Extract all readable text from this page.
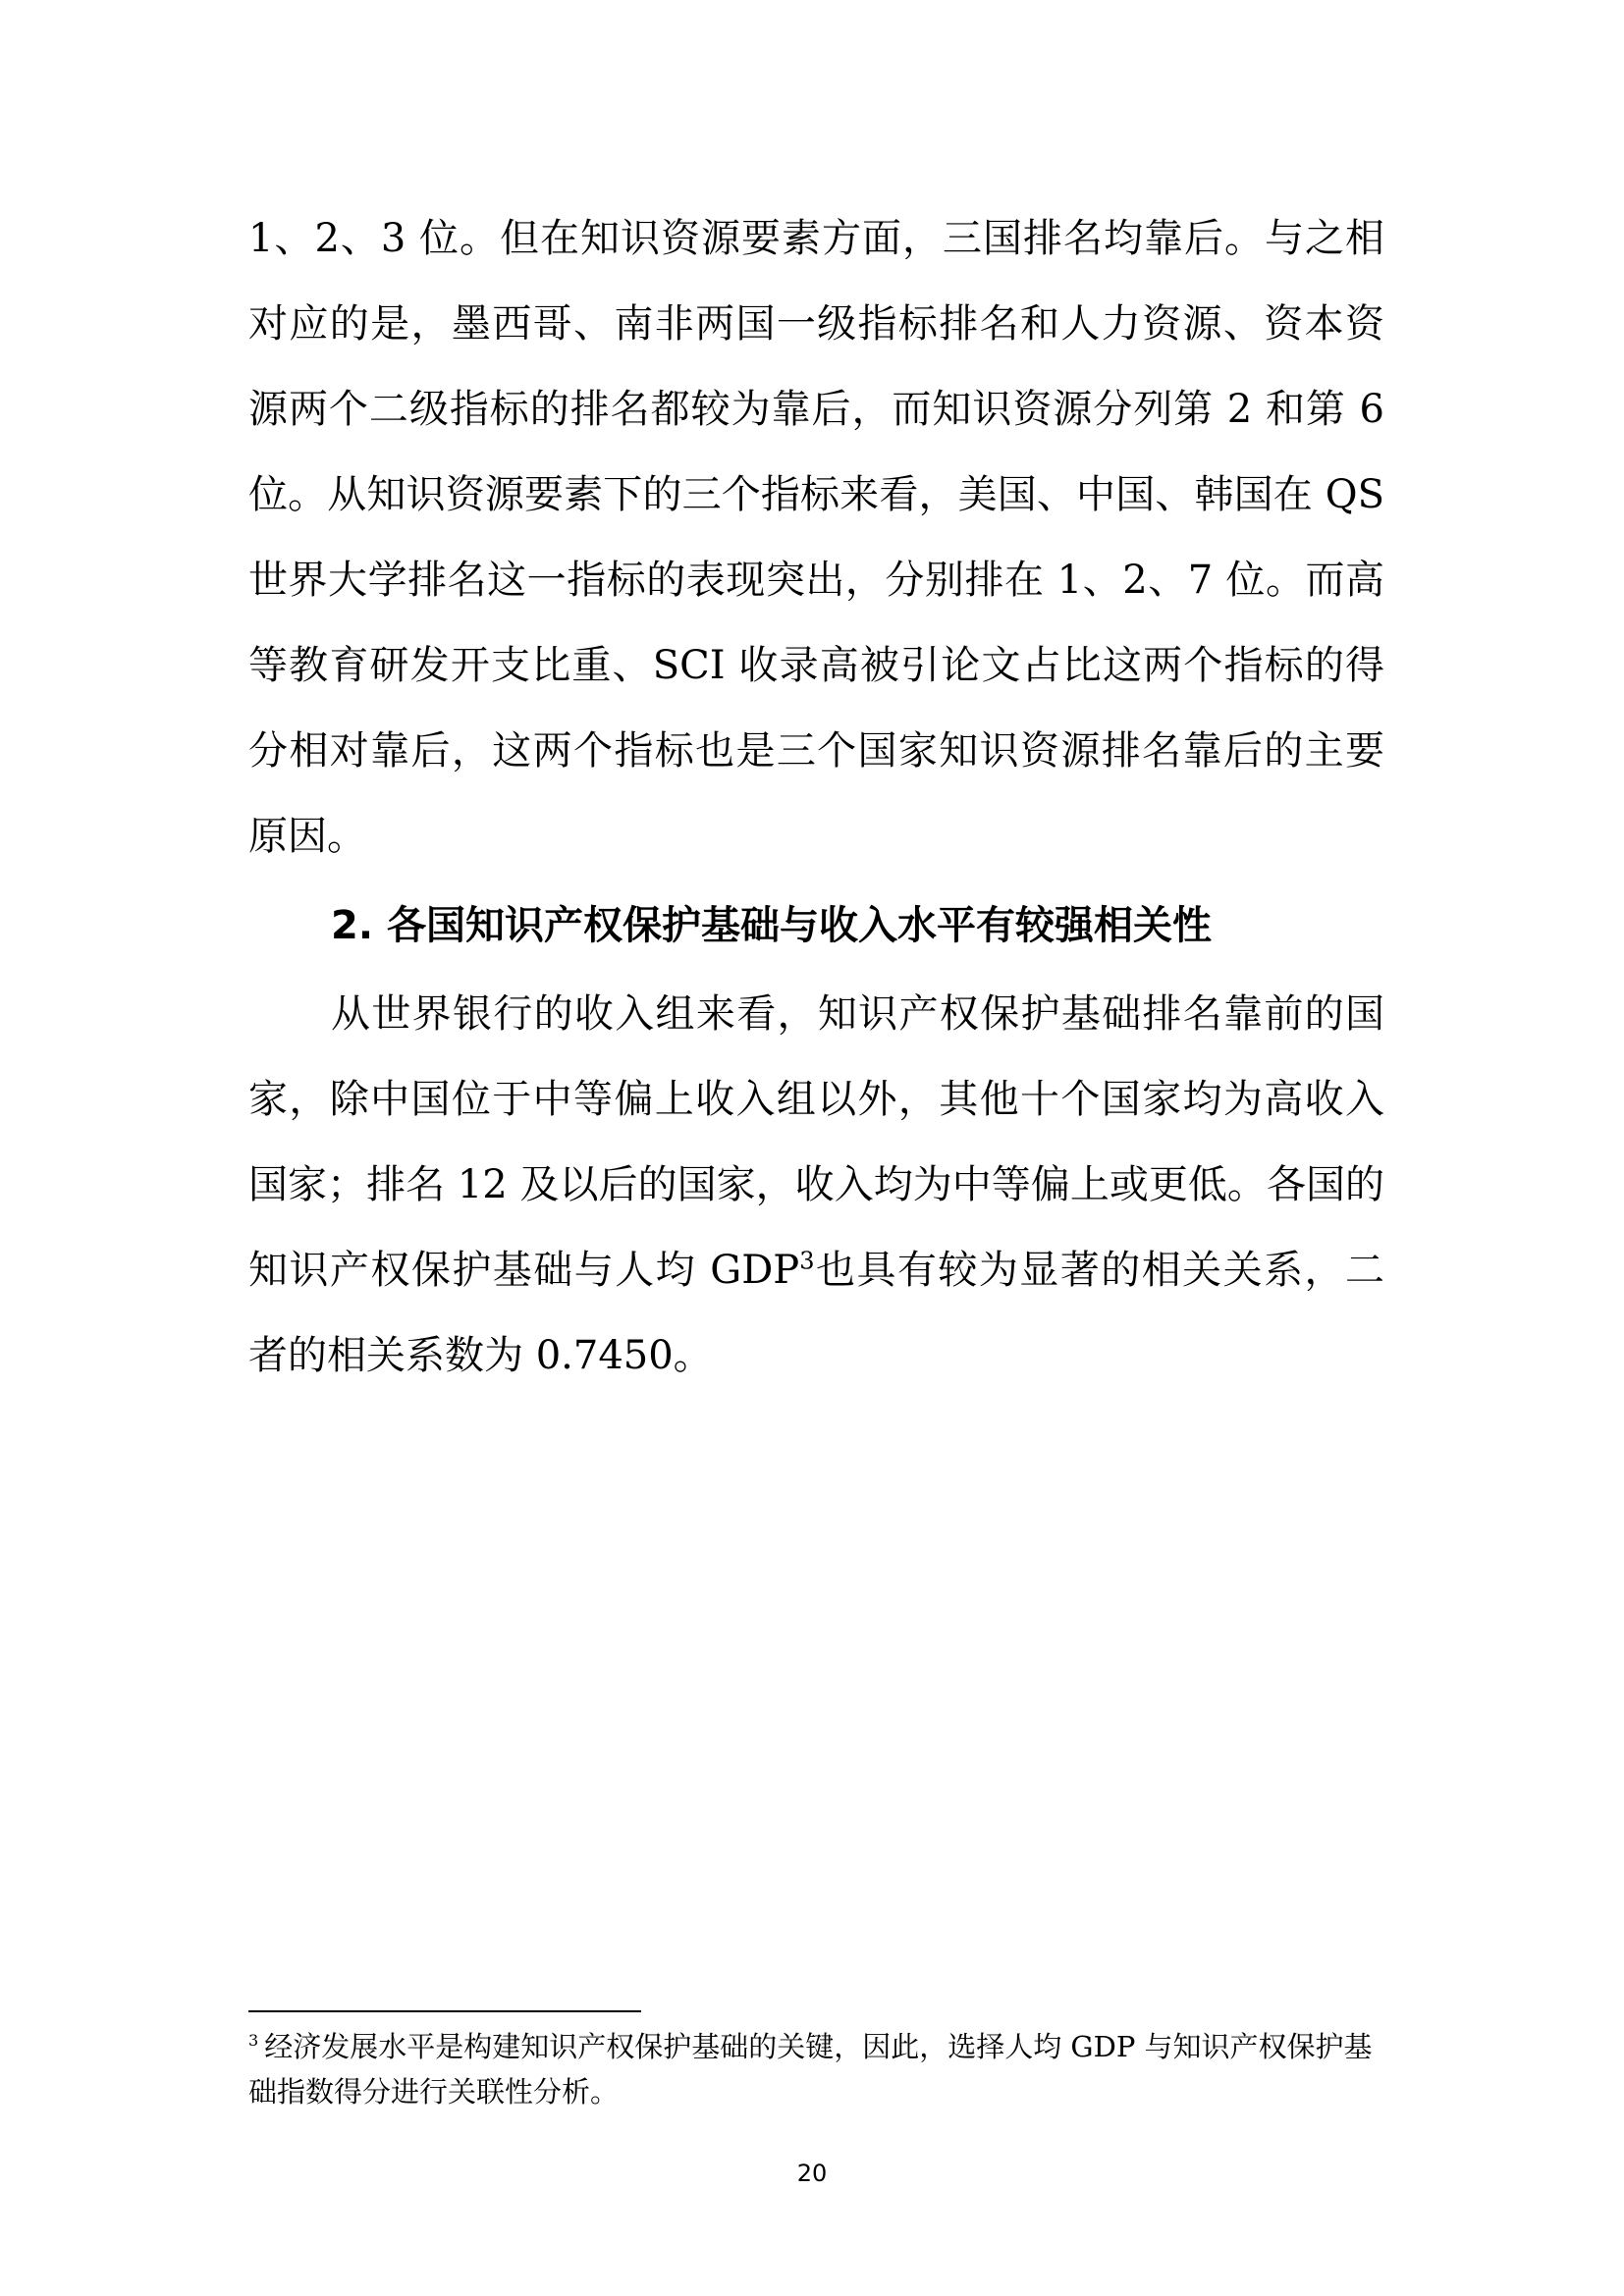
1、2、3 位。但在知识资源要素方面，三国排名均靠后。与之相对应的是，墨西哥、南非两国一级指标排名和人力资源、资本资源两个二级指标的排名都较为靠后，而知识资源分列第 2 和第 6 位。从知识资源要素下的三个指标来看，美国、中国、韩国在 QS 世界大学排名这一指标的表现突出，分别排在 1、2、7 位。而高等教育研发开支比重、SCI 收录高被引论文占比这两个指标的得分相对靠后，这两个指标也是三个国家知识资源排名靠后的主要原因。

2. 各国知识产权保护基础与收入水平有较强相关性

从世界银行的收入组来看，知识产权保护基础排名靠前的国家，除中国位于中等偏上收入组以外，其他十个国家均为高收入国家；排名 12 及以后的国家，收入均为中等偏上或更低。各国的知识产权保护基础与人均 GDP$^3$也具有较为显著的相关关系，二者的相关系数为 0.7450。

$^3$ 经济发展水平是构建知识产权保护基础的关键，因此，选择人均 GDP 与知识产权保护基础指数得分进行关联性分析。

20
